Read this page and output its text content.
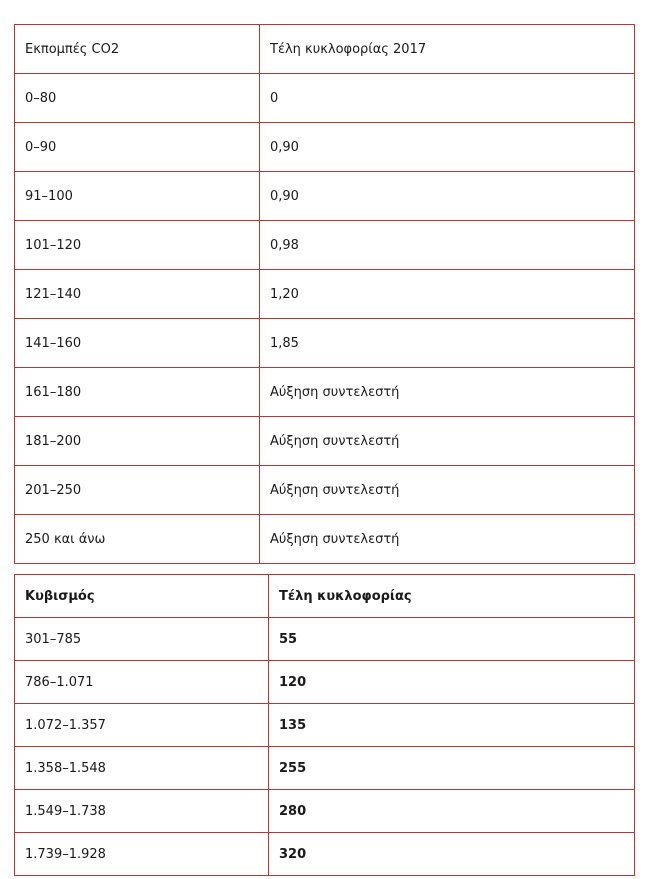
Εκπομπές CO2	Τέλη κυκλοφορίας 2017
0–80	0
0–90	0,90
91–100	0,90
101–120	0,98
121–140	1,20
141–160	1,85
161–180	Αύξηση συντελεστή
181–200	Αύξηση συντελεστή
201–250	Αύξηση συντελεστή
250 και άνω	Αύξηση συντελεστή
Κυβισμός	Τέλη κυκλοφορίας
301–785	55
786–1.071	120
1.072–1.357	135
1.358–1.548	255
1.549–1.738	280
1.739–1.928	320
